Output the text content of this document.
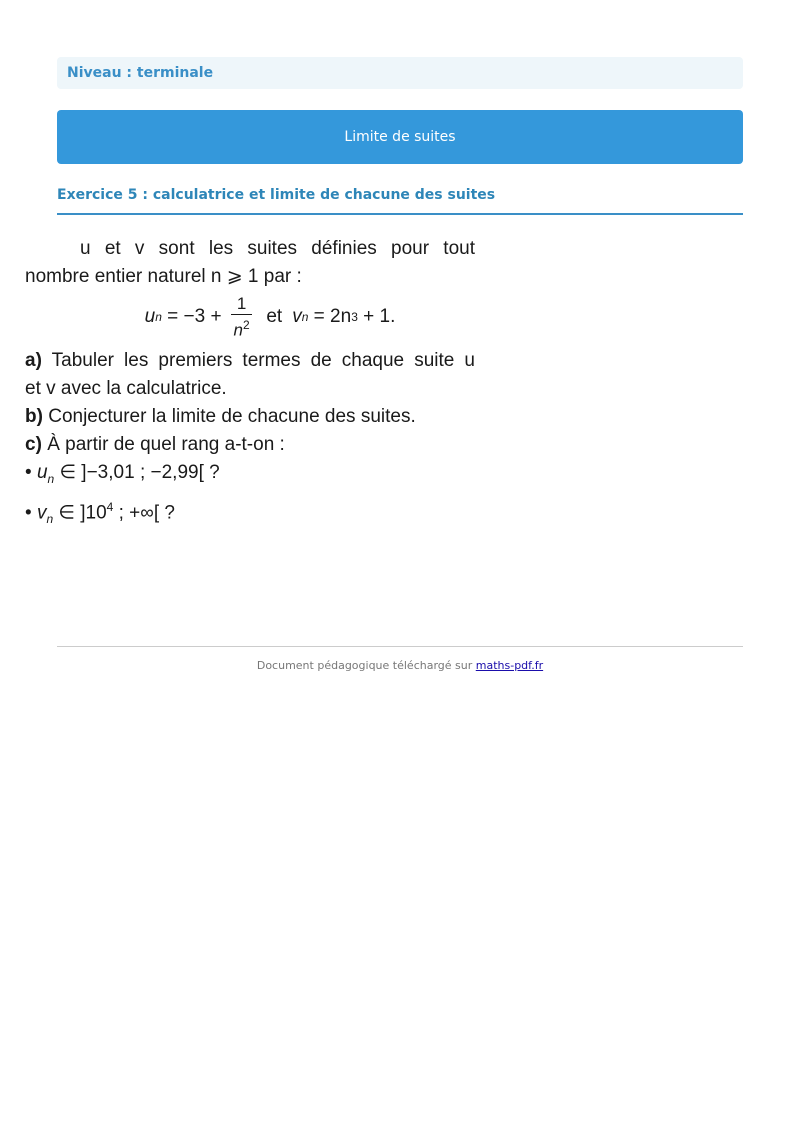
Niveau : terminale
Limite de suites
Exercice 5 : calculatrice et limite de chacune des suites
u et v sont les suites définies pour tout
nombre entier naturel n ⩾ 1 par :
u $n = -3 + \frac{1}{n^2}$ et v n = 2n 3 + 1.
a) Tabuler les premiers termes de chaque suite u
et v avec la calculatrice.
b) Conjecturer la limite de chacune des suites.
c) À partir de quel rang a-t-on :
• $u_n$ ∈ ]−3,01 ; −2,99[ ?
• $v_n$ ∈ ]$10^4$ ; +∞[ ?
Document pédagogique téléchargé sur maths-pdf.fr
